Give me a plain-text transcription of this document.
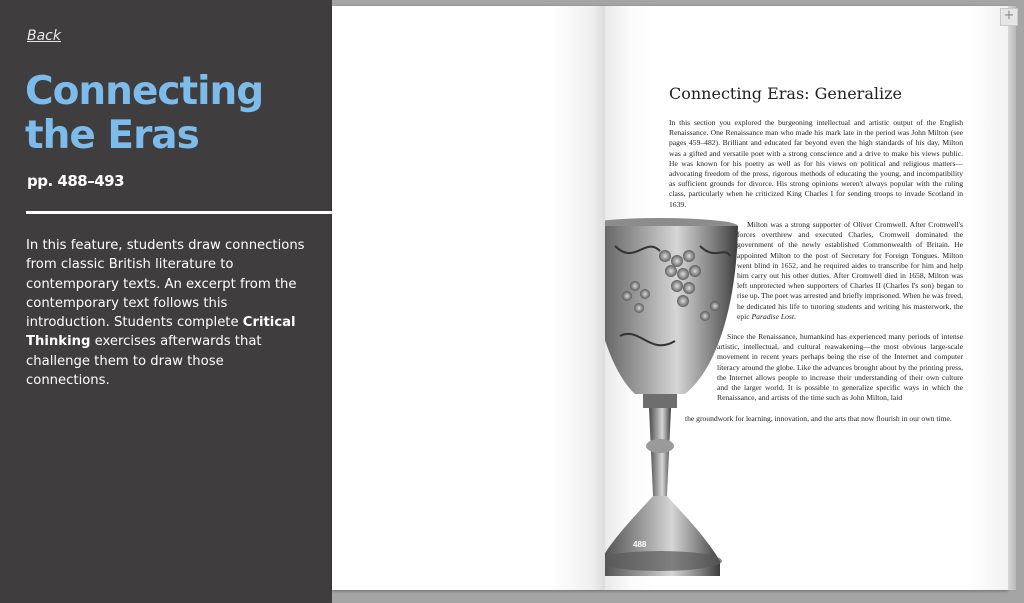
Back
Connecting the Eras
pp. 488–493

In this feature, students draw connections from classic British literature to contemporary texts. An excerpt from the contemporary text follows this introduction. Students complete Critical Thinking exercises afterwards that challenge them to draw those connections.

Connecting Eras: Generalize

In this section you explored the burgeoning intellectual and artistic output of the English Renaissance. One Renaissance man who made his mark late in the period was John Milton (see pages 459–482). Brilliant and educated far beyond even the high standards of his day, Milton was a gifted and versatile poet with a strong conscience and a drive to make his views public. He was known for his poetry as well as for his views on political and religious matters—advocating freedom of the press, rigorous methods of educating the young, and incompatibility as sufficient grounds for divorce. His strong opinions weren't always popular with the ruling class, particularly when he criticized King Charles I for sending troops to invade Scotland in 1639.

Milton was a strong supporter of Oliver Cromwell. After Cromwell's forces overthrew and executed Charles, Cromwell dominated the government of the newly established Commonwealth of Britain. He appointed Milton to the post of Secretary for Foreign Tongues. Milton went blind in 1652, and he required aides to transcribe for him and help him carry out his other duties. After Cromwell died in 1658, Milton was left unprotected when supporters of Charles II (Charles I's son) began to rise up. The poet was arrested and briefly imprisoned. When he was freed, he dedicated his life to tutoring students and writing his masterwork, the epic Paradise Lost.

Since the Renaissance, humankind has experienced many periods of intense artistic, intellectual, and cultural reawakening—the most obvious large-scale movement in recent years perhaps being the rise of the Internet and computer literacy around the globe. Like the advances brought about by the printing press, the Internet allows people to increase their understanding of their own culture and the larger world. It is possible to generalize specific ways in which the Renaissance, and artists of the time such as John Milton, laid

the groundwork for learning, innovation, and the arts that now flourish in our own time.

488
+
